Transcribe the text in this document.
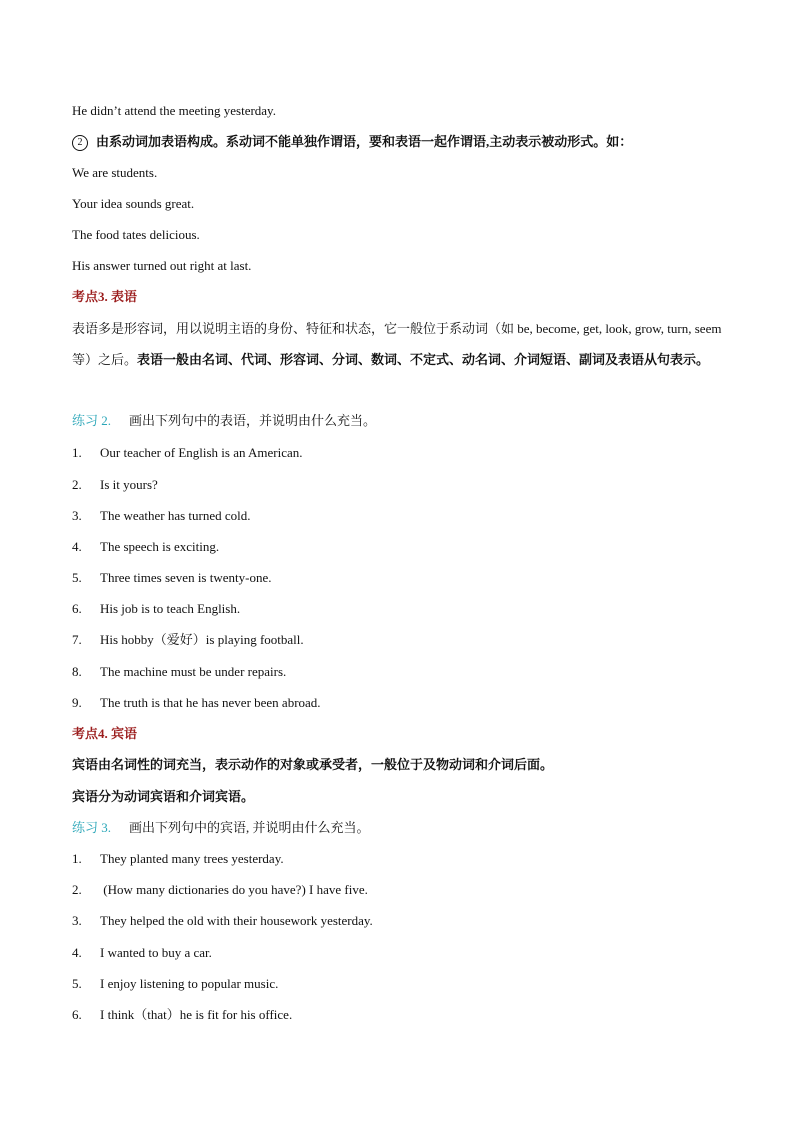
He didn’t attend the meeting yesterday.
2 由系动词加表语构成。系动词不能单独作谓语，要和表语一起作谓语,主动表示被动形式。如：
We are students.
Your idea sounds great.
The food tates delicious.
His answer turned out right at last.
考点3. 表语
表语多是形容词，用以说明主语的身份、特征和状态，它一般位于系动词（如 be, become, get, look, grow, turn, seem 等）之后。表语一般由名词、代词、形容词、分词、数词、不定式、动名词、介词短语、副词及表语从句表示。
练习 2. 画出下列句中的表语，并说明由什么充当。
1. Our teacher of English is an American.
2. Is it yours?
3. The weather has turned cold.
4. The speech is exciting.
5. Three times seven is twenty-one.
6. His job is to teach English.
7. His hobby（爱好）is playing football.
8. The machine must be under repairs.
9. The truth is that he has never been abroad.
考点4. 宾语
宾语由名词性的词充当，表示动作的对象或承受者，一般位于及物动词和介词后面。
宾语分为动词宾语和介词宾语。
练习 3. 画出下列句中的宾语, 并说明由什么充当。
1. They planted many trees yesterday.
2. (How many dictionaries do you have?) I have five.
3. They helped the old with their housework yesterday.
4. I wanted to buy a car.
5. I enjoy listening to popular music.
6. I think（that）he is fit for his office.
